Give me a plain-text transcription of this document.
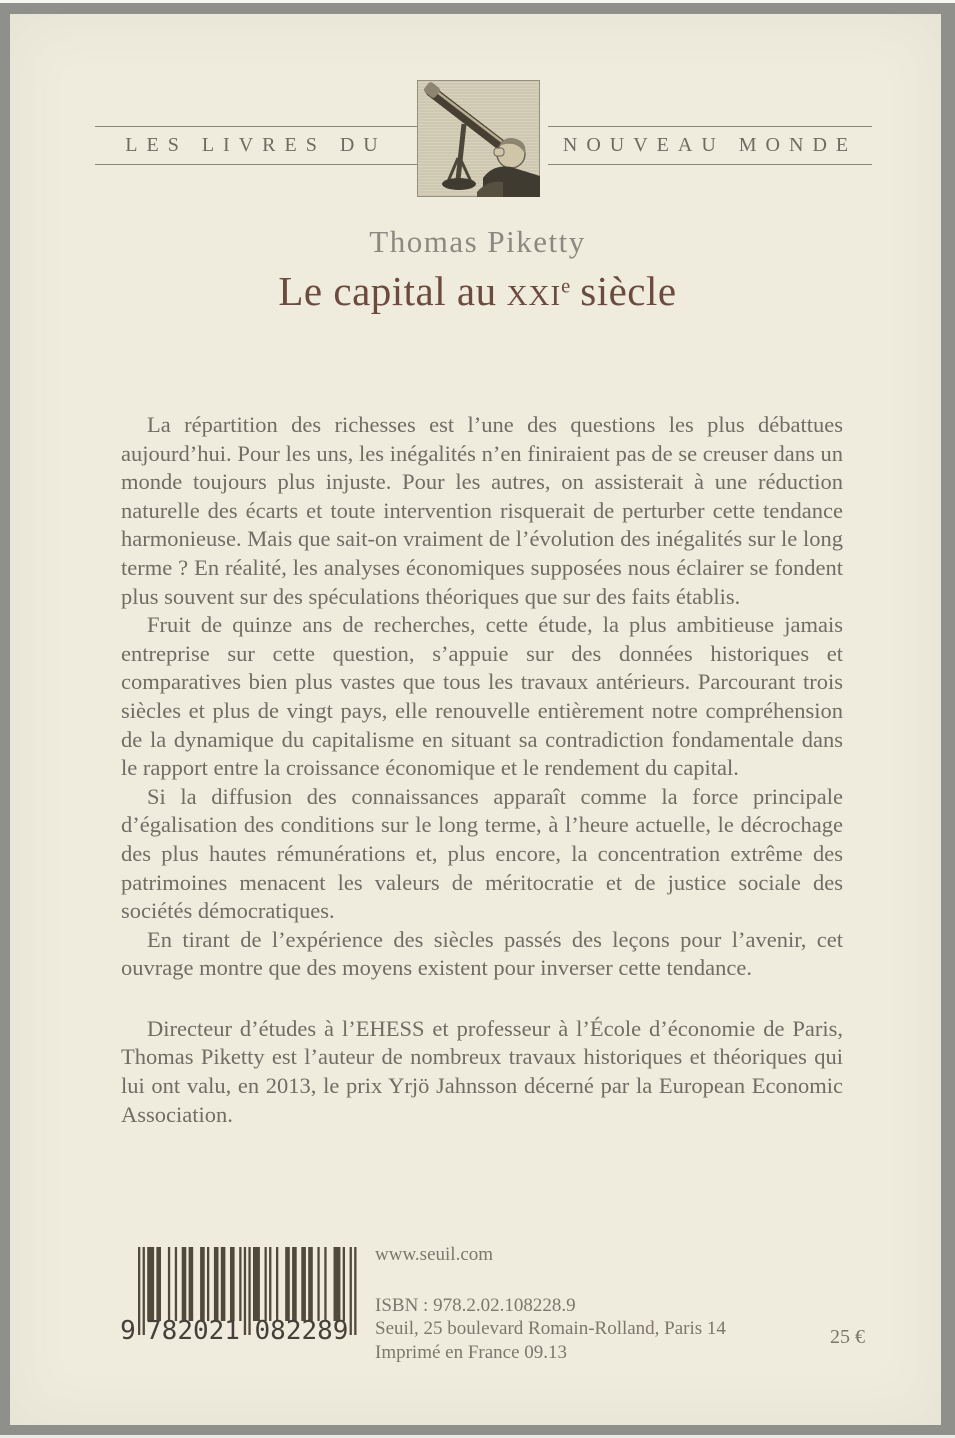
LES LIVRES DU	NOUVEAU MONDE
Thomas Piketty
Le capital au xxi$^e$ siècle

La répartition des richesses est l’une des questions les plus débattues aujourd’hui. Pour les uns, les inégalités n’en finiraient pas de se creuser dans un monde toujours plus injuste. Pour les autres, on assisterait à une réduction naturelle des écarts et toute intervention risquerait de perturber cette tendance harmonieuse. Mais que sait-on vraiment de l’évolution des inégalités sur le long terme ? En réalité, les analyses économiques supposées nous éclairer se fondent plus souvent sur des spéculations théoriques que sur des faits établis.

Fruit de quinze ans de recherches, cette étude, la plus ambitieuse jamais entreprise sur cette question, s’appuie sur des données historiques et comparatives bien plus vastes que tous les travaux antérieurs. Parcourant trois siècles et plus de vingt pays, elle renouvelle entièrement notre compréhension de la dynamique du capitalisme en situant sa contradiction fondamentale dans le rapport entre la croissance économique et le rendement du capital.

Si la diffusion des connaissances apparaît comme la force principale d’égalisation des conditions sur le long terme, à l’heure actuelle, le décrochage des plus hautes rémunérations et, plus encore, la concentration extrême des patrimoines menacent les valeurs de méritocratie et de justice sociale des sociétés démocratiques.

En tirant de l’expérience des siècles passés des leçons pour l’avenir, cet ouvrage montre que des moyens existent pour inverser cette tendance.

Directeur d’études à l’EHESS et professeur à l’École d’économie de Paris, Thomas Piketty est l’auteur de nombreux travaux historiques et théoriques qui lui ont valu, en 2013, le prix Yrjö Jahnsson décerné par la European Economic Association.

9 782021 082289
www.seuil.com
ISBN : 978.2.02.108228.9
Seuil, 25 boulevard Romain-Rolland, Paris 14
Imprimé en France 09.13
25 €
